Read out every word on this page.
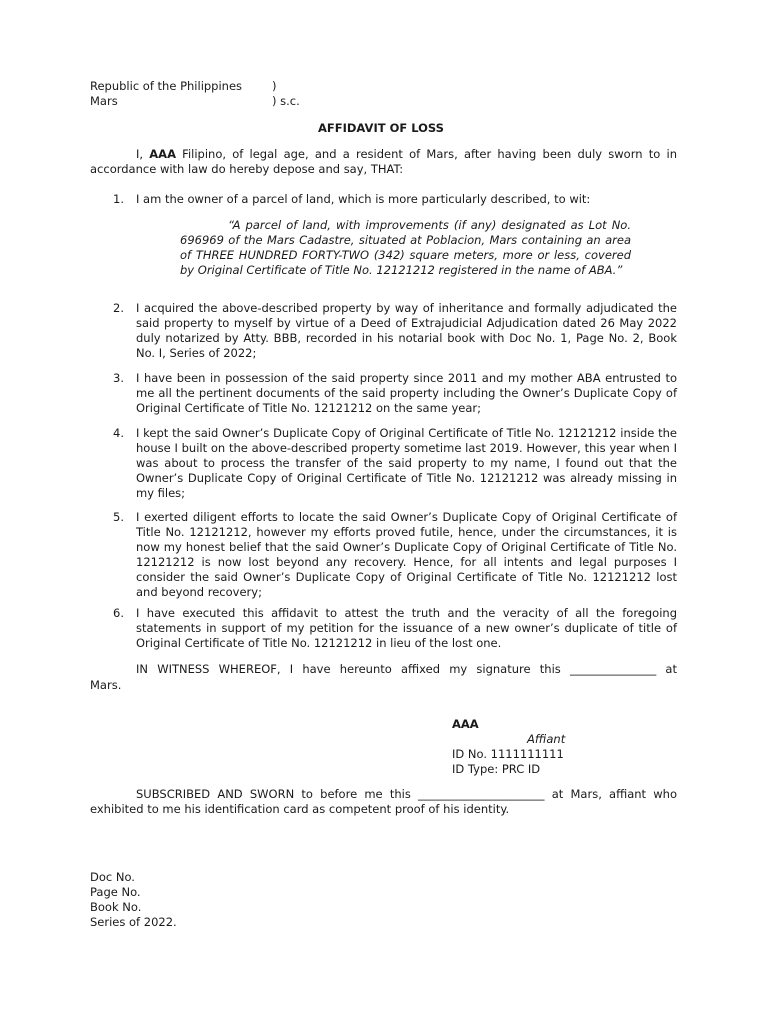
Republic of the Philippines	)
Mars	) s.c.
AFFIDAVIT OF LOSS
I, AAA Filipino, of legal age, and a resident of Mars, after having been duly sworn to in accordance with law do hereby depose and say, THAT:
1. I am the owner of a parcel of land, which is more particularly described, to wit:
“A parcel of land, with improvements (if any) designated as Lot No. 696969 of the Mars Cadastre, situated at Poblacion, Mars containing an area of THREE HUNDRED FORTY-TWO (342) square meters, more or less, covered by Original Certificate of Title No. 12121212 registered in the name of ABA.”
2. I acquired the above-described property by way of inheritance and formally adjudicated the said property to myself by virtue of a Deed of Extrajudicial Adjudication dated 26 May 2022 duly notarized by Atty. BBB, recorded in his notarial book with Doc No. 1, Page No. 2, Book No. I, Series of 2022;
3. I have been in possession of the said property since 2011 and my mother ABA entrusted to me all the pertinent documents of the said property including the Owner’s Duplicate Copy of Original Certificate of Title No. 12121212 on the same year;
4. I kept the said Owner’s Duplicate Copy of Original Certificate of Title No. 12121212 inside the house I built on the above-described property sometime last 2019. However, this year when I was about to process the transfer of the said property to my name, I found out that the Owner’s Duplicate Copy of Original Certificate of Title No. 12121212 was already missing in my files;
5. I exerted diligent efforts to locate the said Owner’s Duplicate Copy of Original Certificate of Title No. 12121212, however my efforts proved futile, hence, under the circumstances, it is now my honest belief that the said Owner’s Duplicate Copy of Original Certificate of Title No. 12121212 is now lost beyond any recovery. Hence, for all intents and legal purposes I consider the said Owner’s Duplicate Copy of Original Certificate of Title No. 12121212 lost and beyond recovery;
6. I have executed this affidavit to attest the truth and the veracity of all the foregoing statements in support of my petition for the issuance of a new owner’s duplicate of title of Original Certificate of Title No. 12121212 in lieu of the lost one.
IN WITNESS WHEREOF, I have hereunto affixed my signature this _______________ at
Mars.
AAA
Affiant
ID No. 1111111111
ID Type: PRC ID
SUBSCRIBED AND SWORN to before me this ______________________ at Mars, affiant who exhibited to me his identification card as competent proof of his identity.
Doc No.
Page No.
Book No.
Series of 2022.
